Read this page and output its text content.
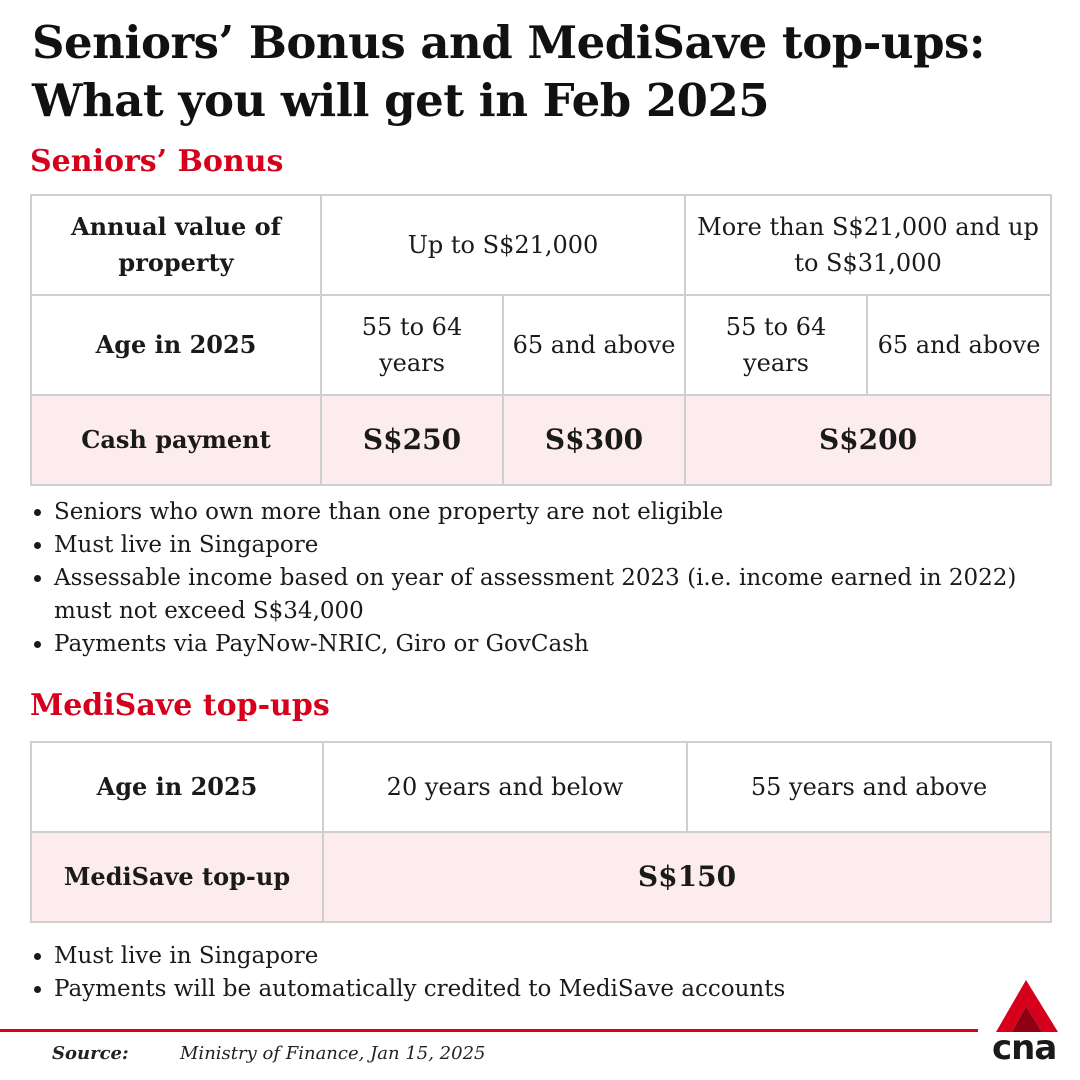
Seniors’ Bonus and MediSave top-ups:
What you will get in Feb 2025
Seniors’ Bonus
Annual value of property	Up to S$21,000		More than S$21,000 and up to S$31,000	
Age in 2025	55 to 64 years	65 and above	55 to 64 years	65 and above
Cash payment	S$250	S$300	S$200	
• Seniors who own more than one property are not eligible
• Must live in Singapore
• Assessable income based on year of assessment 2023 (i.e. income earned in 2022) must not exceed S$34,000
• Payments via PayNow-NRIC, Giro or GovCash
MediSave top-ups
Age in 2025	20 years and below	55 years and above
MediSave top-up	S$150	
• Must live in Singapore
• Payments will be automatically credited to MediSave accounts
Source:	Ministry of Finance, Jan 15, 2025	cna
